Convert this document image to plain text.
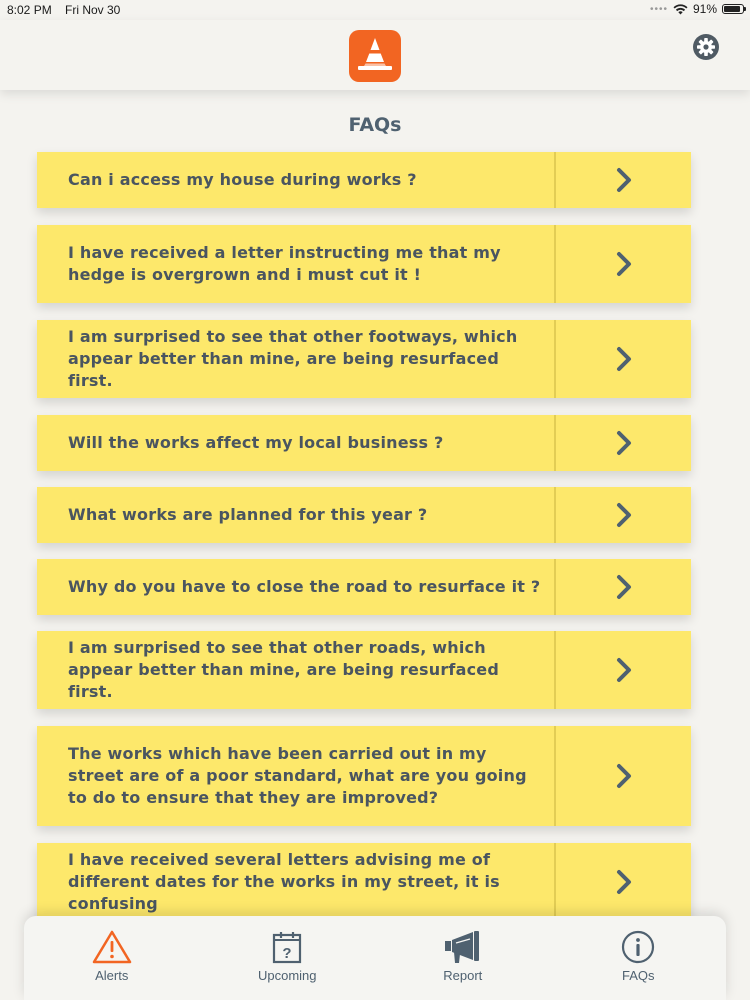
8:02 PM Fri Nov 30	•••• 91%
FAQs
Can i access my house during works ?
I have received a letter instructing me that my hedge is overgrown and i must cut it !
I am surprised to see that other footways, which appear better than mine, are being resurfaced first.
Will the works affect my local business ?
What works are planned for this year ?
Why do you have to close the road to resurface it ?
I am surprised to see that other roads, which appear better than mine, are being resurfaced first.
The works which have been carried out in my street are of a poor standard, what are you going to do to ensure that they are improved?
I have received several letters advising me of different dates for the works in my street, it is confusing
Alerts
?
Upcoming	Report	FAQs
